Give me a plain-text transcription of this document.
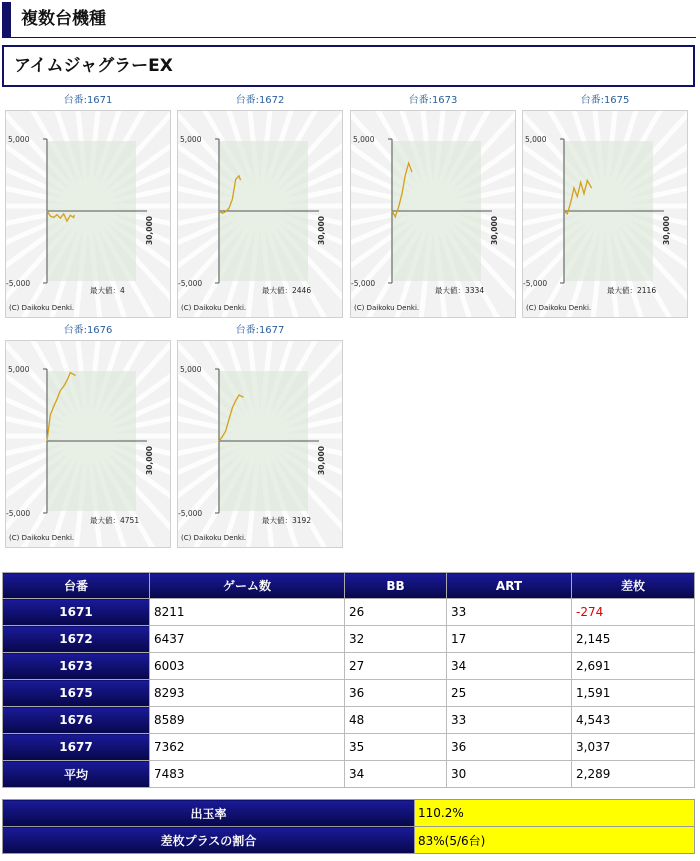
複数台機種
アイムジャグラーEX
台番:1671
5,000
-5,000
30,000
最大値：4
(C) Daikoku Denki.
台番:1672
5,000
-5,000
30,000
最大値：2446
(C) Daikoku Denki.
台番:1673
5,000
-5,000
30,000
最大値：3334
(C) Daikoku Denki.
台番:1675
5,000
-5,000
30,000
最大値：2116
(C) Daikoku Denki.
台番:1676
5,000
-5,000
30,000
最大値：4751
(C) Daikoku Denki.
台番:1677
5,000
-5,000
30,000
最大値：3192
(C) Daikoku Denki.
台番	ゲーム数	BB	ART	差枚
1671	8211	26	33	-274
1672	6437	32	17	2,145
1673	6003	27	34	2,691
1675	8293	36	25	1,591
1676	8589	48	33	4,543
1677	7362	35	36	3,037
平均	7483	34	30	2,289
出玉率	110.2%
差枚プラスの割合	83%(5/6台)
